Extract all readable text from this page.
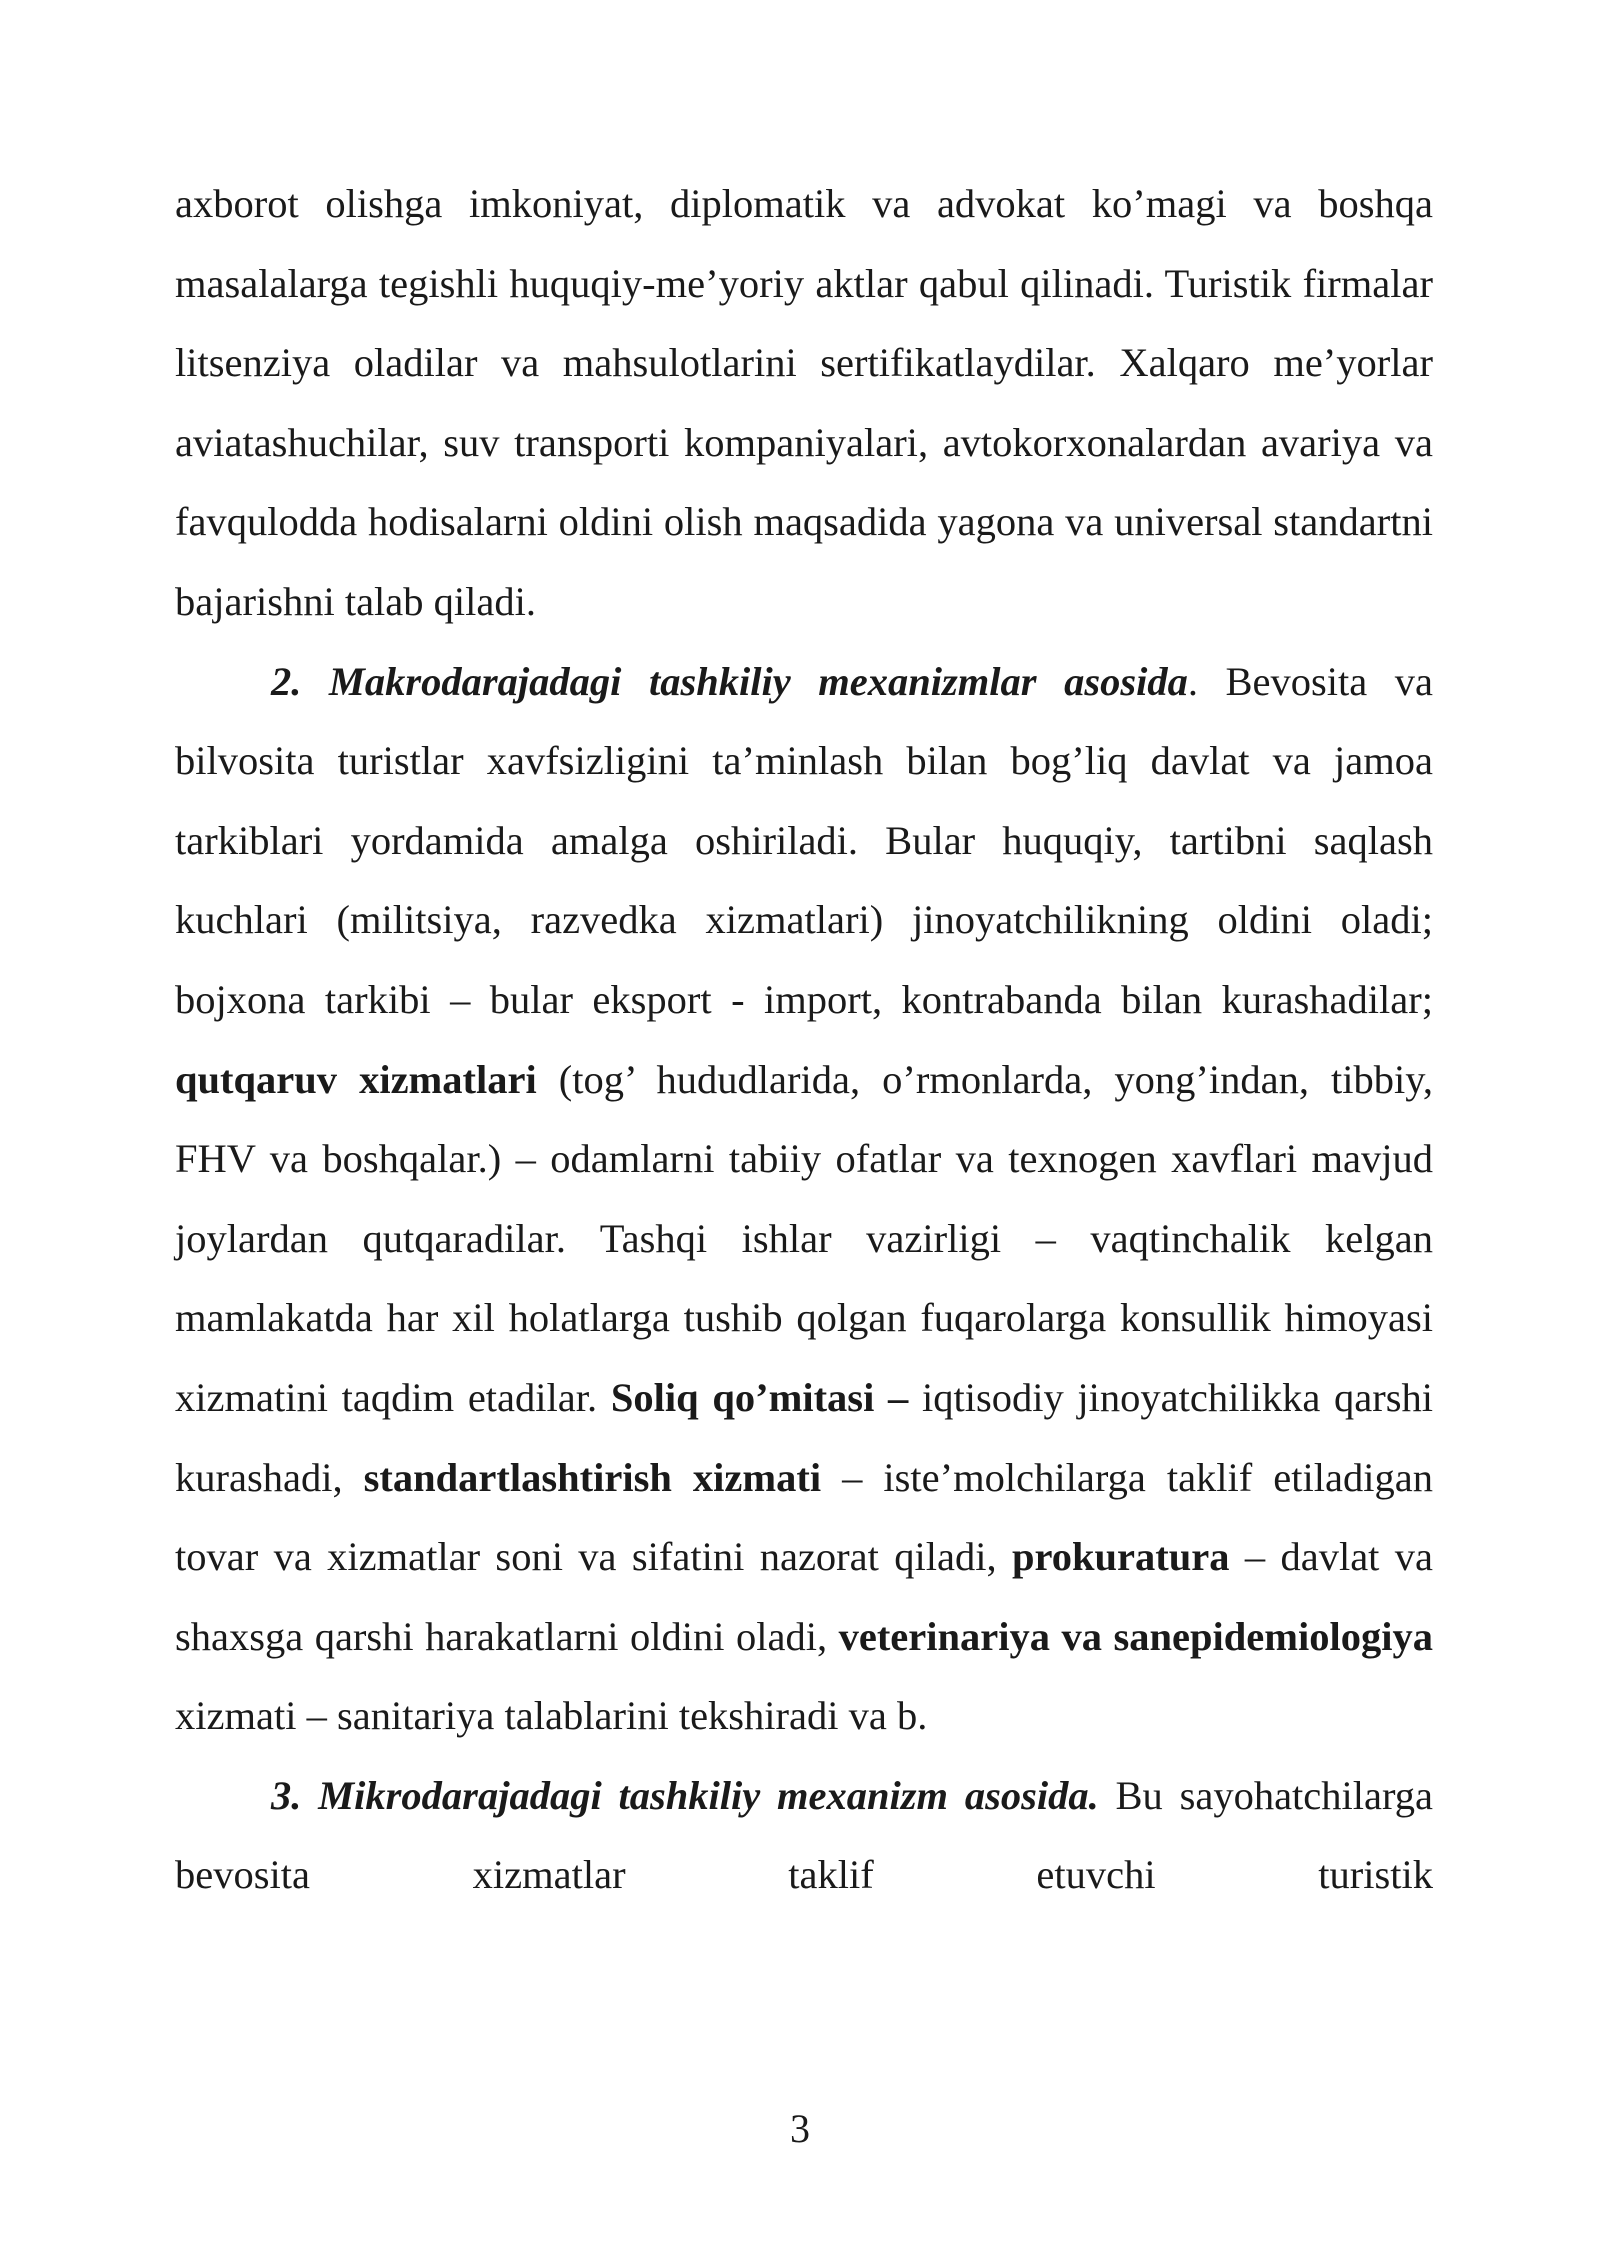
axborot olishga imkoniyat, diplomatik va advokat ko’magi va boshqa masalalarga tegishli huquqiy-me’yoriy aktlar qabul qilinadi. Turistik firmalar litsenziya oladilar va mahsulotlarini sertifikatlaydilar. Xalqaro me’yorlar aviatashuchilar, suv transporti kompaniyalari, avtokorxonalardan avariya va favqulodda hodisalarni oldini olish maqsadida yagona va universal standartni bajarishni talab qiladi.

2. Makrodarajadagi tashkiliy mexanizmlar asosida. Bevosita va bilvosita turistlar xavfsizligini ta’minlash bilan bog’liq davlat va jamoa tarkiblari yordamida amalga oshiriladi. Bular huquqiy, tartibni saqlash kuchlari (militsiya, razvedka xizmatlari) jinoyatchilikning oldini oladi; bojxona tarkibi – bular eksport - import, kontrabanda bilan kurashadilar; qutqaruv xizmatlari (tog’ hududlarida, o’rmonlarda, yong’indan, tibbiy, FHV va boshqalar.) – odamlarni tabiiy ofatlar va texnogen xavflari mavjud joylardan qutqaradilar. Tashqi ishlar vazirligi – vaqtinchalik kelgan mamlakatda har xil holatlarga tushib qolgan fuqarolarga konsullik himoyasi xizmatini taqdim etadilar. Soliq qo’mitasi – iqtisodiy jinoyatchilikka qarshi kurashadi, standartlashtirish xizmati – iste’molchilarga taklif etiladigan tovar va xizmatlar soni va sifatini nazorat qiladi, prokuratura – davlat va shaxsga qarshi harakatlarni oldini oladi, veterinariya va sanepidemiologiya xizmati – sanitariya talablarini tekshiradi va b.

3. Mikrodarajadagi tashkiliy mexanizm asosida. Bu sayohatchilarga bevosita xizmatlar taklif etuvchi turistik

3
